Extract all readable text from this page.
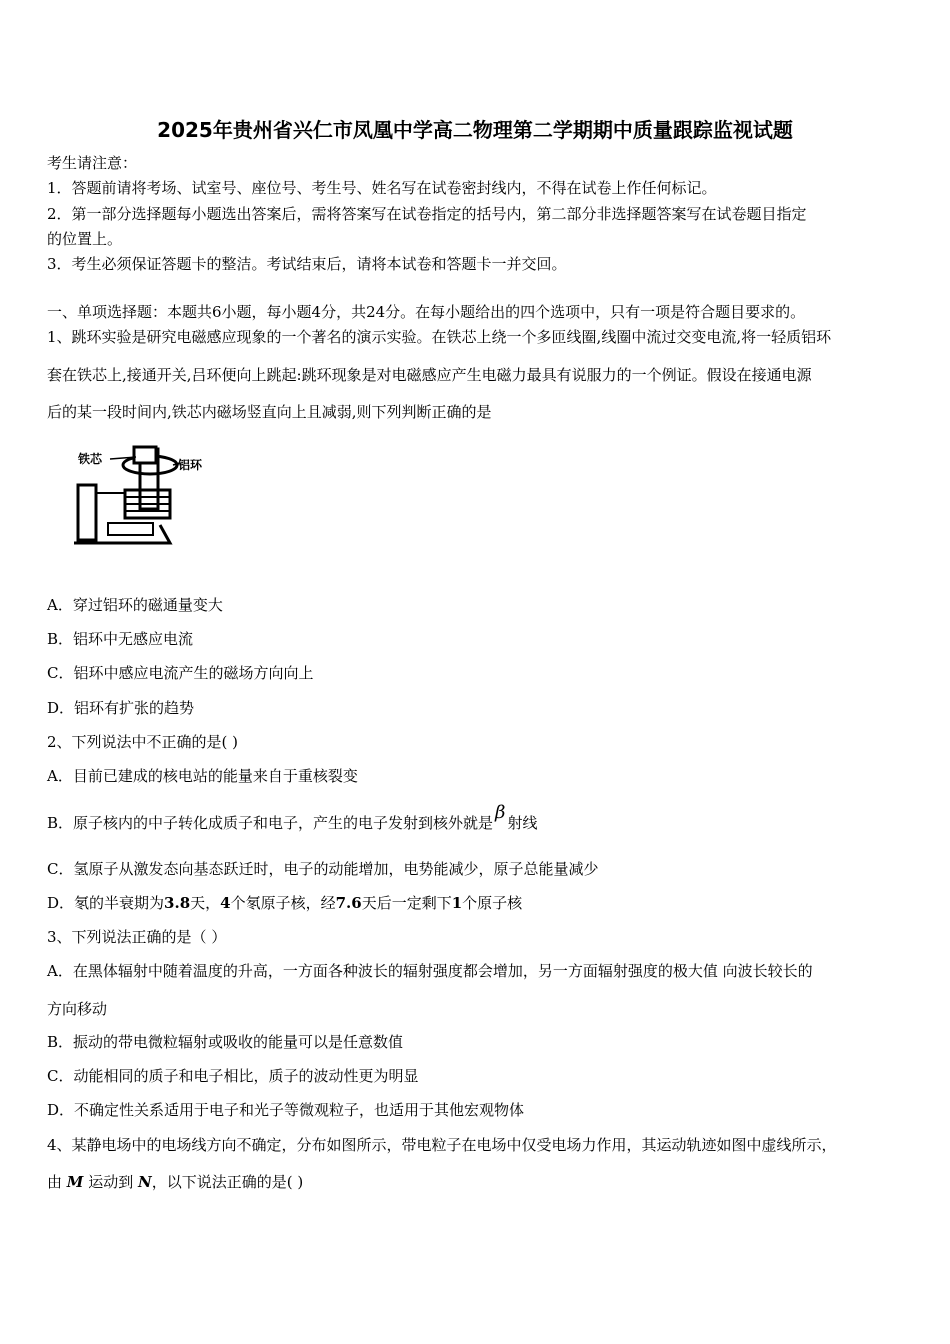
2025年贵州省兴仁市凤凰中学高二物理第二学期期中质量跟踪监视试题
考生请注意：
1．答题前请将考场、试室号、座位号、考生号、姓名写在试卷密封线内，不得在试卷上作任何标记。
2．第一部分选择题每小题选出答案后，需将答案写在试卷指定的括号内，第二部分非选择题答案写在试卷题目指定
的位置上。
3．考生必须保证答题卡的整洁。考试结束后，请将本试卷和答题卡一并交回。
一、单项选择题：本题共6小题，每小题4分，共24分。在每小题给出的四个选项中，只有一项是符合题目要求的。
1、跳环实验是研究电磁感应现象的一个著名的演示实验。在铁芯上绕一个多匝线圈,线圈中流过交变电流,将一轻质铝环
套在铁芯上,接通开关,吕环便向上跳起:跳环现象是对电磁感应产生电磁力最具有说服力的一个例证。假设在接通电源
后的某一段时间内,铁芯内磁场竖直向上且减弱,则下列判断正确的是
铁芯	铝环
A．穿过铝环的磁通量变大
B．铝环中无感应电流
C．铝环中感应电流产生的磁场方向向上
D．铝环有扩张的趋势
2、下列说法中不正确的是( )
A．目前已建成的核电站的能量来自于重核裂变
B．原子核内的中子转化成质子和电子，产生的电子发射到核外就是 β 射线
C．氢原子从激发态向基态跃迁时，电子的动能增加，电势能减少，原子总能量减少
D．氡的半衰期为3.8天，4个氡原子核，经7.6天后一定剩下1个原子核
3、下列说法正确的是（ ）
A．在黑体辐射中随着温度的升高，一方面各种波长的辐射强度都会增加，另一方面辐射强度的极大值 向波长较长的
方向移动
B．振动的带电微粒辐射或吸收的能量可以是任意数值
C．动能相同的质子和电子相比，质子的波动性更为明显
D．不确定性关系适用于电子和光子等微观粒子，也适用于其他宏观物体
4、某静电场中的电场线方向不确定，分布如图所示，带电粒子在电场中仅受电场力作用，其运动轨迹如图中虚线所示，
由 M 运动到 N，以下说法正确的是( )
